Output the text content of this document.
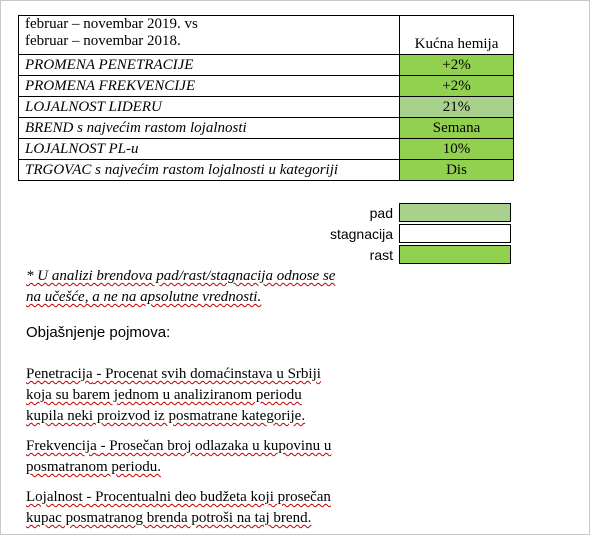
februar – novembar 2019. vs
februar – novembar 2018.	Kućna hemija
PROMENA PENETRACIJE	+2%
PROMENA FREKVENCIJE	+2%
LOJALNOST LIDERU	21%
BREND s najvećim rastom lojalnosti	Semana
LOJALNOST PL-u	10%
TRGOVAC s najvećim rastom lojalnosti u kategoriji	Dis
pad
stagnacija
rast
* U analizi brendova pad/rast/stagnacija odnose se
na učešće, a ne na apsolutne vrednosti.
Objašnjenje pojmova:
Penetracija - Procenat svih domaćinstava u Srbiji
koja su barem jednom u analiziranom periodu
kupila neki proizvod iz posmatrane kategorije.
Frekvencija - Prosečan broj odlazaka u kupovinu u
posmatranom periodu.
Lojalnost - Procentualni deo budžeta koji prosečan
kupac posmatranog brenda potroši na taj brend.
